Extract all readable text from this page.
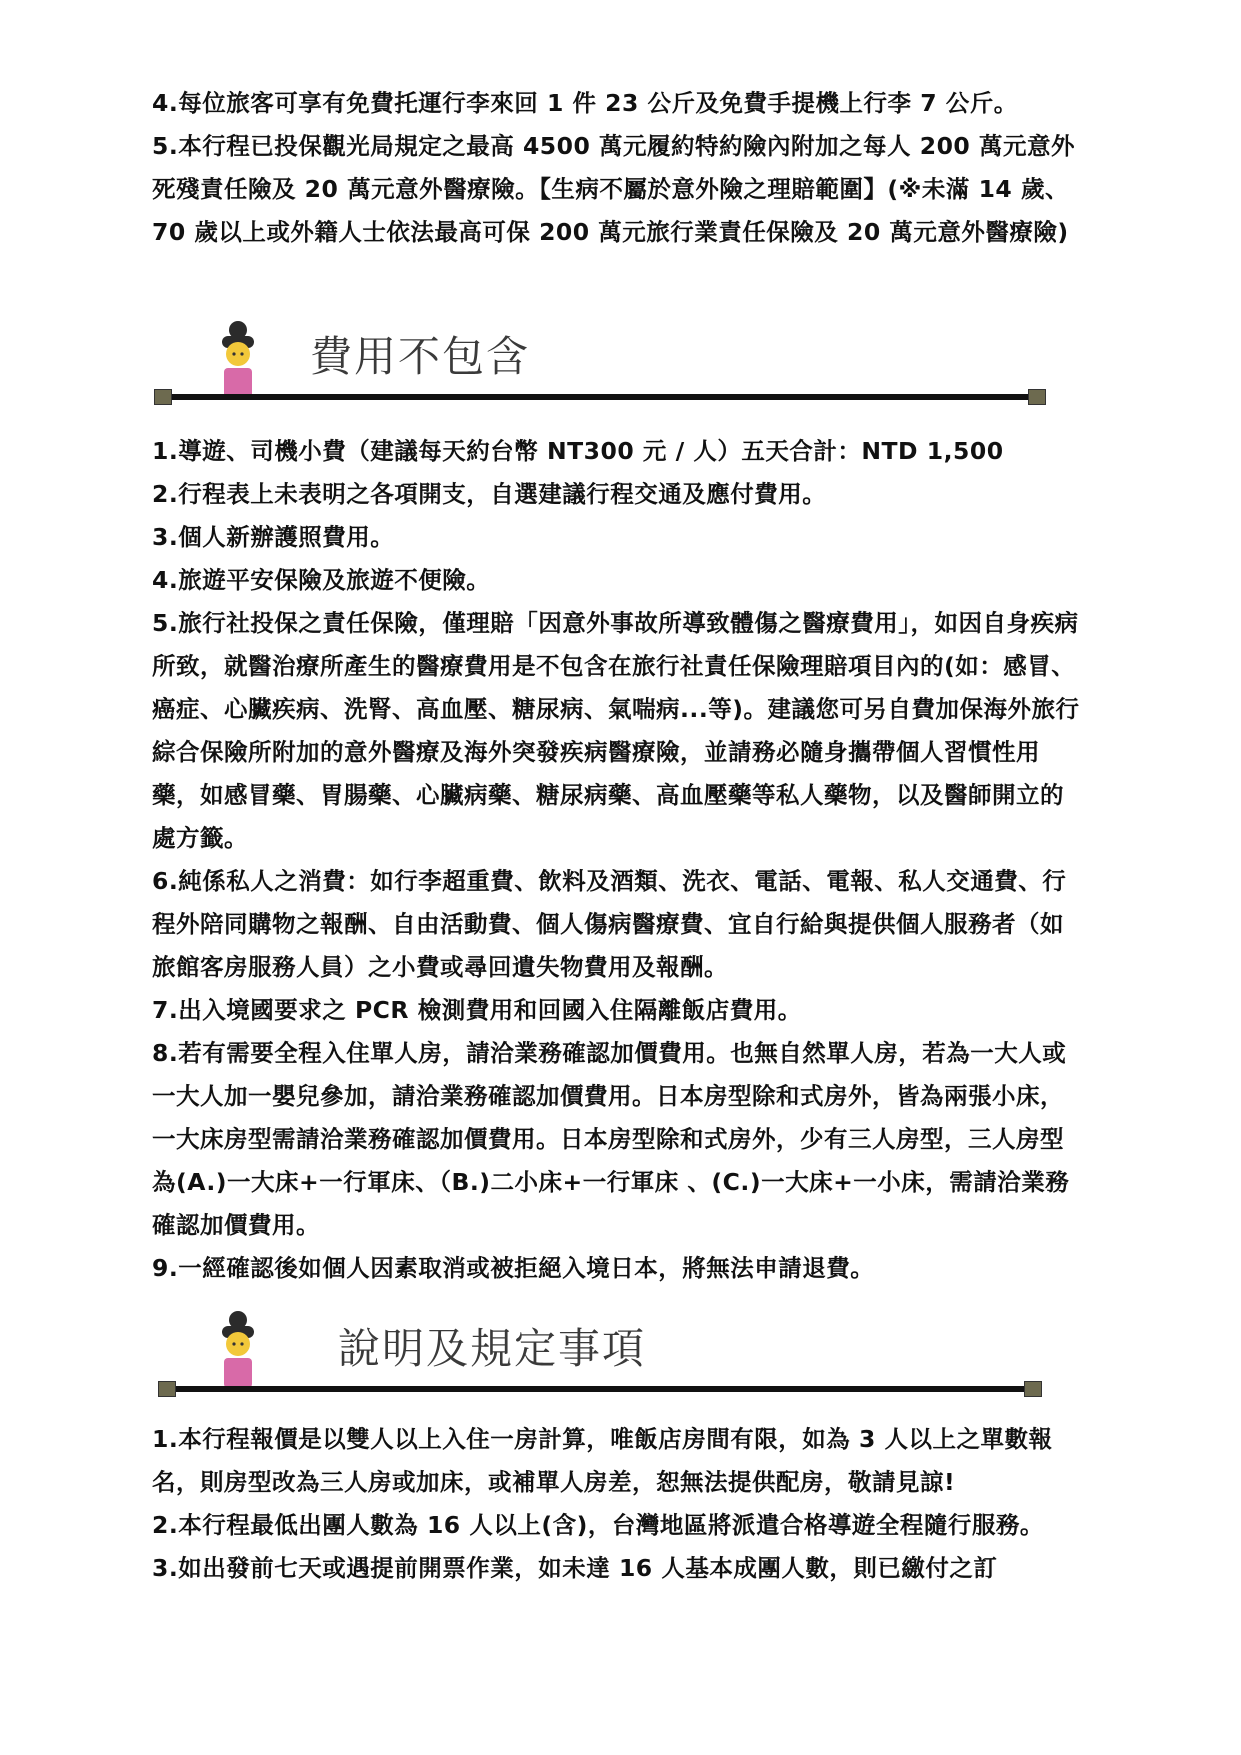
4.每位旅客可享有免費托運行李來回 1 件 23 公斤及免費手提機上行李 7 公斤。

5.本行程已投保觀光局規定之最高 4500 萬元履約特約險內附加之每人 200 萬元意外死殘責任險及 20 萬元意外醫療險。【生病不屬於意外險之理賠範圍】(※未滿 14 歲、70 歲以上或外籍人士依法最高可保 200 萬元旅行業責任保險及 20 萬元意外醫療險)

費用不包含

1.導遊、司機小費（建議每天約台幣 NT300 元 / 人）五天合計：NTD 1,500

2.行程表上未表明之各項開支，自選建議行程交通及應付費用。

3.個人新辦護照費用。

4.旅遊平安保險及旅遊不便險。

5.旅行社投保之責任保險，僅理賠「因意外事故所導致體傷之醫療費用」，如因自身疾病所致，就醫治療所產生的醫療費用是不包含在旅行社責任保險理賠項目內的(如：感冒、癌症、心臟疾病、洗腎、高血壓、糖尿病、氣喘病...等)。建議您可另自費加保海外旅行綜合保險所附加的意外醫療及海外突發疾病醫療險，並請務必隨身攜帶個人習慣性用藥，如感冒藥、胃腸藥、心臟病藥、糖尿病藥、高血壓藥等私人藥物，以及醫師開立的處方籤。

6.純係私人之消費：如行李超重費、飲料及酒類、洗衣、電話、電報、私人交通費、行程外陪同購物之報酬、自由活動費、個人傷病醫療費、宜自行給與提供個人服務者（如旅館客房服務人員）之小費或尋回遺失物費用及報酬。

7.出入境國要求之 PCR 檢測費用和回國入住隔離飯店費用。

8.若有需要全程入住單人房，請洽業務確認加價費用。也無自然單人房，若為一大人或一大人加一嬰兒參加，請洽業務確認加價費用。日本房型除和式房外，皆為兩張小床，一大床房型需請洽業務確認加價費用。日本房型除和式房外，少有三人房型，三人房型為(A.)一大床+一行軍床、（B.)二小床+一行軍床 、(C.)一大床+一小床，需請洽業務確認加價費用。

9.一經確認後如個人因素取消或被拒絕入境日本，將無法申請退費。

說明及規定事項

1.本行程報價是以雙人以上入住一房計算，唯飯店房間有限，如為 3 人以上之單數報名，則房型改為三人房或加床，或補單人房差，恕無法提供配房，敬請見諒!

2.本行程最低出團人數為 16 人以上(含)，台灣地區將派遣合格導遊全程隨行服務。

3.如出發前七天或遇提前開票作業，如未達 16 人基本成團人數，則已繳付之訂
